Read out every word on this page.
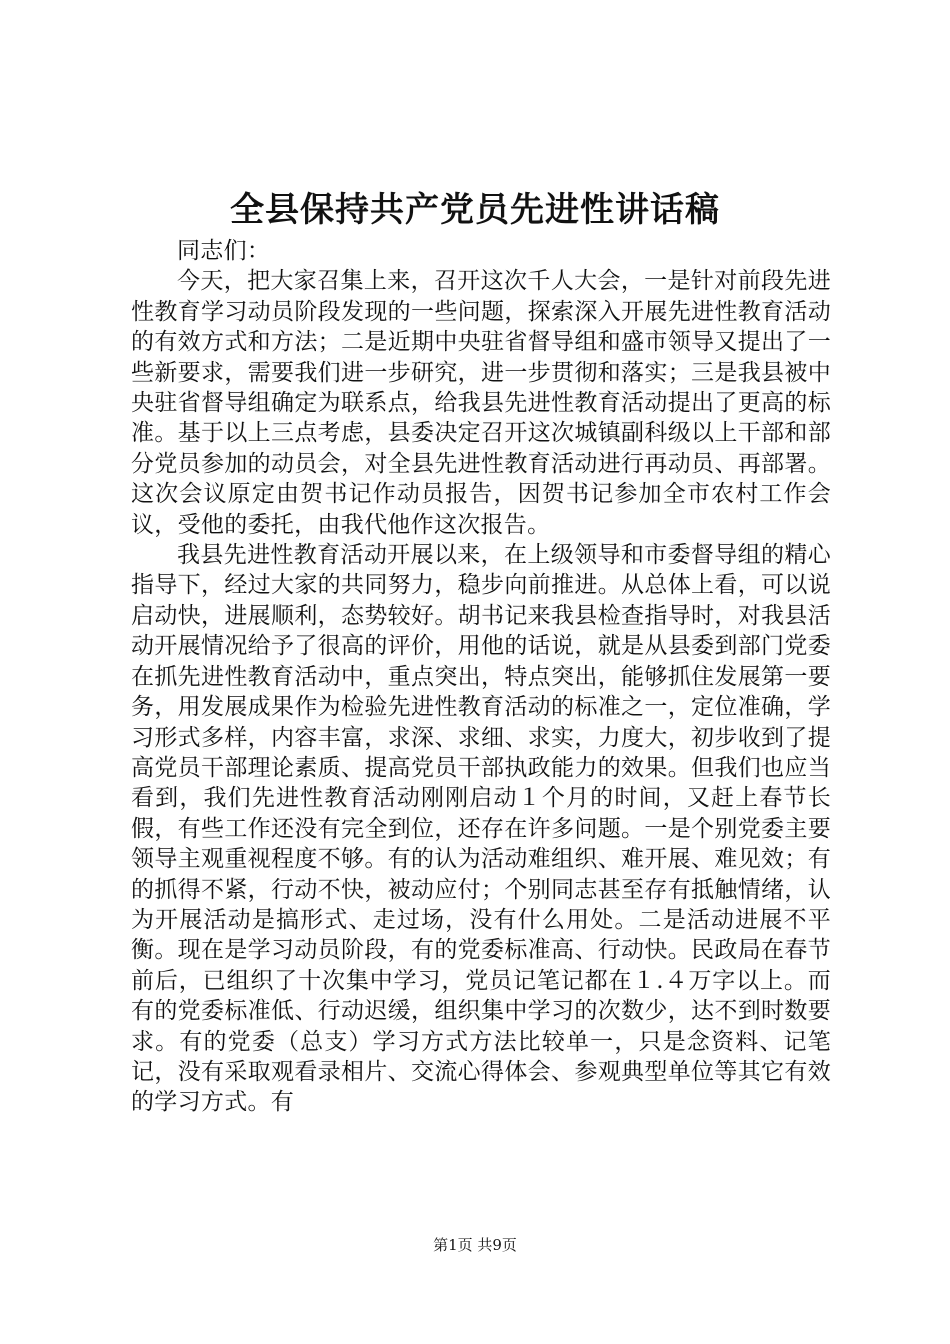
全县保持共产党员先进性讲话稿

同志们：

今天，把大家召集上来，召开这次千人大会，一是针对前段先进性教育学习动员阶段发现的一些问题，探索深入开展先进性教育活动的有效方式和方法；二是近期中央驻省督导组和盛市领导又提出了一些新要求，需要我们进一步研究，进一步贯彻和落实；三是我县被中央驻省督导组确定为联系点，给我县先进性教育活动提出了更高的标准。基于以上三点考虑，县委决定召开这次城镇副科级以上干部和部分党员参加的动员会，对全县先进性教育活动进行再动员、再部署。这次会议原定由贺书记作动员报告，因贺书记参加全市农村工作会议，受他的委托，由我代他作这次报告。

我县先进性教育活动开展以来，在上级领导和市委督导组的精心指导下，经过大家的共同努力，稳步向前推进。从总体上看，可以说启动快，进展顺利，态势较好。胡书记来我县检查指导时，对我县活动开展情况给予了很高的评价，用他的话说，就是从县委到部门党委在抓先进性教育活动中，重点突出，特点突出，能够抓住发展第一要务，用发展成果作为检验先进性教育活动的标准之一，定位准确，学习形式多样，内容丰富，求深、求细、求实，力度大，初步收到了提高党员干部理论素质、提高党员干部执政能力的效果。但我们也应当看到，我们先进性教育活动刚刚启动１个月的时间，又赶上春节长假，有些工作还没有完全到位，还存在许多问题。一是个别党委主要领导主观重视程度不够。有的认为活动难组织、难开展、难见效；有的抓得不紧，行动不快，被动应付；个别同志甚至存有抵触情绪，认为开展活动是搞形式、走过场，没有什么用处。二是活动进展不平衡。现在是学习动员阶段，有的党委标准高、行动快。民政局在春节前后，已组织了十次集中学习，党员记笔记都在１.４万字以上。而有的党委标准低、行动迟缓，组织集中学习的次数少，达不到时数要求。有的党委（总支）学习方式方法比较单一，只是念资料、记笔记，没有采取观看录相片、交流心得体会、参观典型单位等其它有效的学习方式。有

第1页 共9页
